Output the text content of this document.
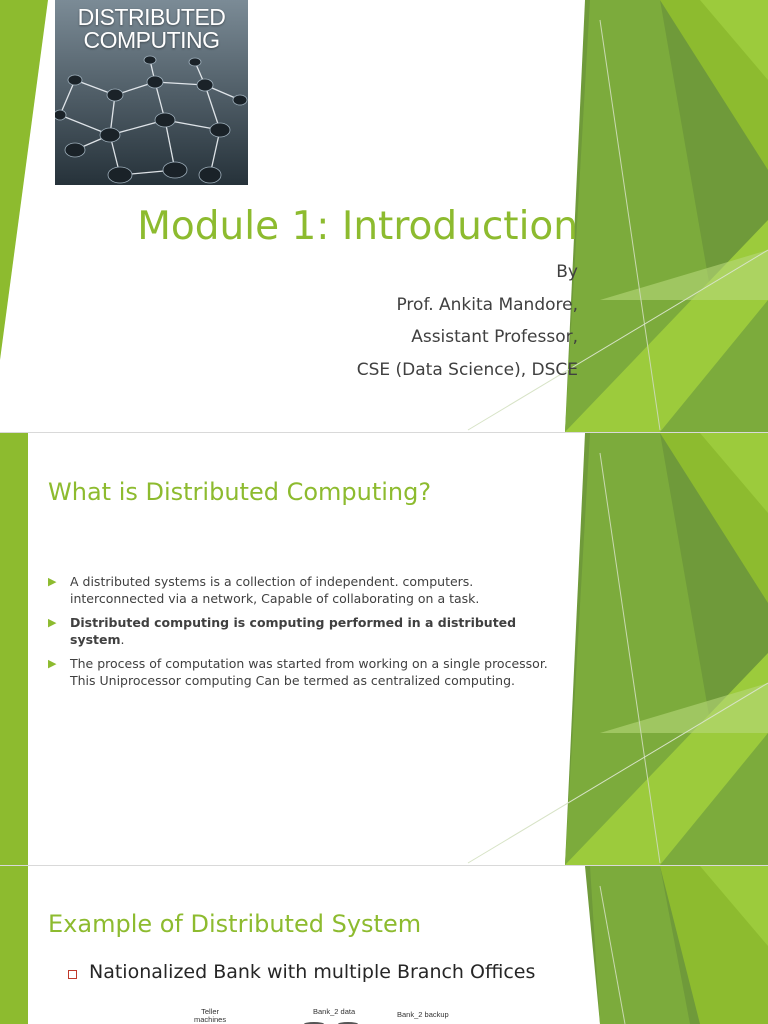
DISTRIBUTED
COMPUTING
Module 1: Introduction
By
Prof. Ankita Mandore,
Assistant Professor,
CSE (Data Science), DSCE
What is Distributed Computing?
▶ A distributed systems is a collection of independent. computers.
interconnected via a network, Capable of collaborating on a task.
▶ Distributed computing is computing performed in a distributed system.
▶ The process of computation was started from working on a single processor.
This Uniprocessor computing Can be termed as centralized computing.
Example of Distributed System
Nationalized Bank with multiple Branch Offices
Teller
machines
Bank_2 data	Bank_2 backup
